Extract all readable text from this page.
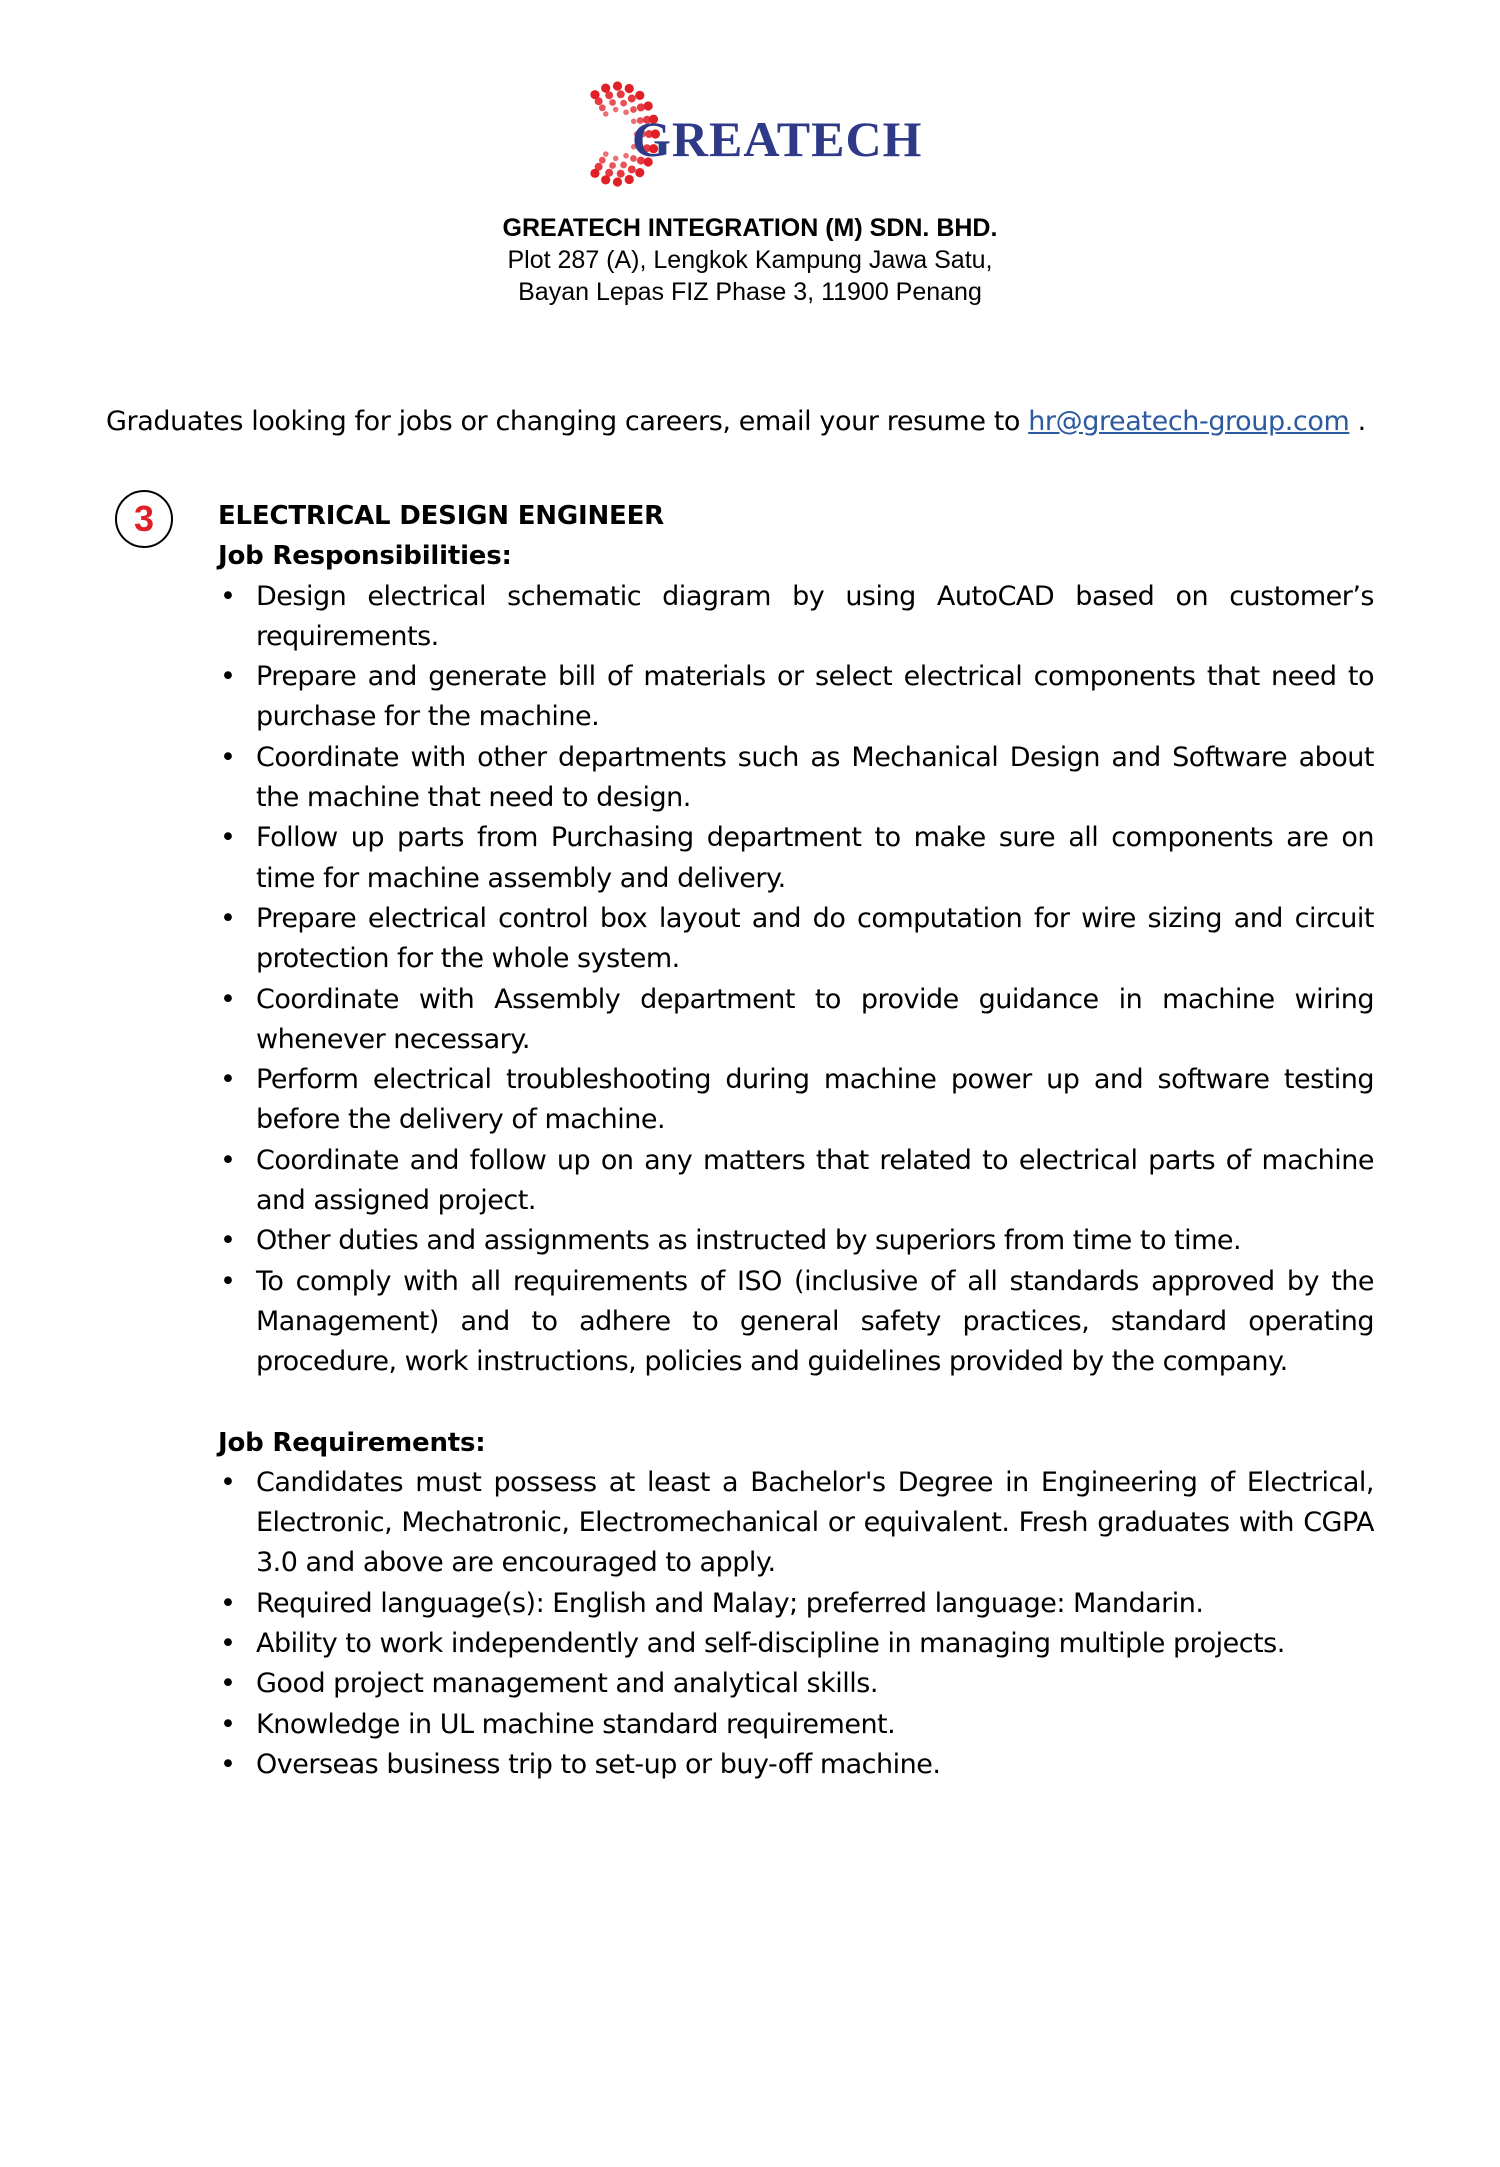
GREATECH
GREATECH INTEGRATION (M) SDN. BHD.
Plot 287 (A), Lengkok Kampung Jawa Satu,
Bayan Lepas FIZ Phase 3, 11900 Penang
Graduates looking for jobs or changing careers, email your resume to hr@greatech-group.com .
3	ELECTRICAL DESIGN ENGINEER
Job Responsibilities:
• Design electrical schematic diagram by using AutoCAD based on customer’s requirements.
• Prepare and generate bill of materials or select electrical components that need to purchase for the machine.
• Coordinate with other departments such as Mechanical Design and Software about the machine that need to design.
• Follow up parts from Purchasing department to make sure all components are on time for machine assembly and delivery.
• Prepare electrical control box layout and do computation for wire sizing and circuit protection for the whole system.
• Coordinate with Assembly department to provide guidance in machine wiring whenever necessary.
• Perform electrical troubleshooting during machine power up and software testing before the delivery of machine.
• Coordinate and follow up on any matters that related to electrical parts of machine and assigned project.
• Other duties and assignments as instructed by superiors from time to time.
• To comply with all requirements of ISO (inclusive of all standards approved by the Management) and to adhere to general safety practices, standard operating procedure, work instructions, policies and guidelines provided by the company.
Job Requirements:
• Candidates must possess at least a Bachelor's Degree in Engineering of Electrical, Electronic, Mechatronic, Electromechanical or equivalent. Fresh graduates with CGPA 3.0 and above are encouraged to apply.
• Required language(s): English and Malay; preferred language: Mandarin.
• Ability to work independently and self-discipline in managing multiple projects.
• Good project management and analytical skills.
• Knowledge in UL machine standard requirement.
• Overseas business trip to set-up or buy-off machine.
